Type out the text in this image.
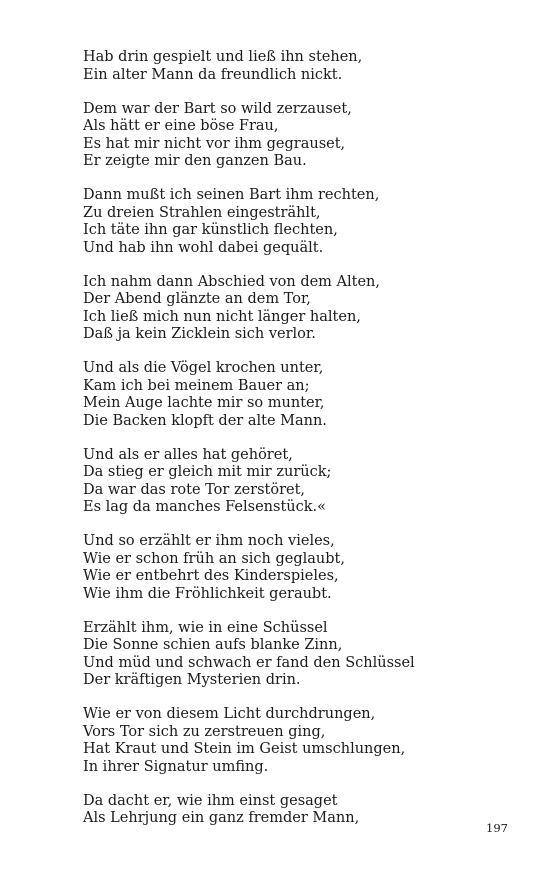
Hab drin gespielt und ließ ihn stehen,
Ein alter Mann da freundlich nickt.
Dem war der Bart so wild zerzauset,
Als hätt er eine böse Frau,
Es hat mir nicht vor ihm gegrauset,
Er zeigte mir den ganzen Bau.
Dann mußt ich seinen Bart ihm rechten,
Zu dreien Strahlen eingestrählt,
Ich täte ihn gar künstlich flechten,
Und hab ihn wohl dabei gequält.
Ich nahm dann Abschied von dem Alten,
Der Abend glänzte an dem Tor,
Ich ließ mich nun nicht länger halten,
Daß ja kein Zicklein sich verlor.
Und als die Vögel krochen unter,
Kam ich bei meinem Bauer an;
Mein Auge lachte mir so munter,
Die Backen klopft der alte Mann.
Und als er alles hat gehöret,
Da stieg er gleich mit mir zurück;
Da war das rote Tor zerstöret,
Es lag da manches Felsenstück.«
Und so erzählt er ihm noch vieles,
Wie er schon früh an sich geglaubt,
Wie er entbehrt des Kinderspieles,
Wie ihm die Fröhlichkeit geraubt.
Erzählt ihm, wie in eine Schüssel
Die Sonne schien aufs blanke Zinn,
Und müd und schwach er fand den Schlüssel
Der kräftigen Mysterien drin.
Wie er von diesem Licht durchdrungen,
Vors Tor sich zu zerstreuen ging,
Hat Kraut und Stein im Geist umschlungen,
In ihrer Signatur umfing.
Da dacht er, wie ihm einst gesaget
Als Lehrjung ein ganz fremder Mann,
197
